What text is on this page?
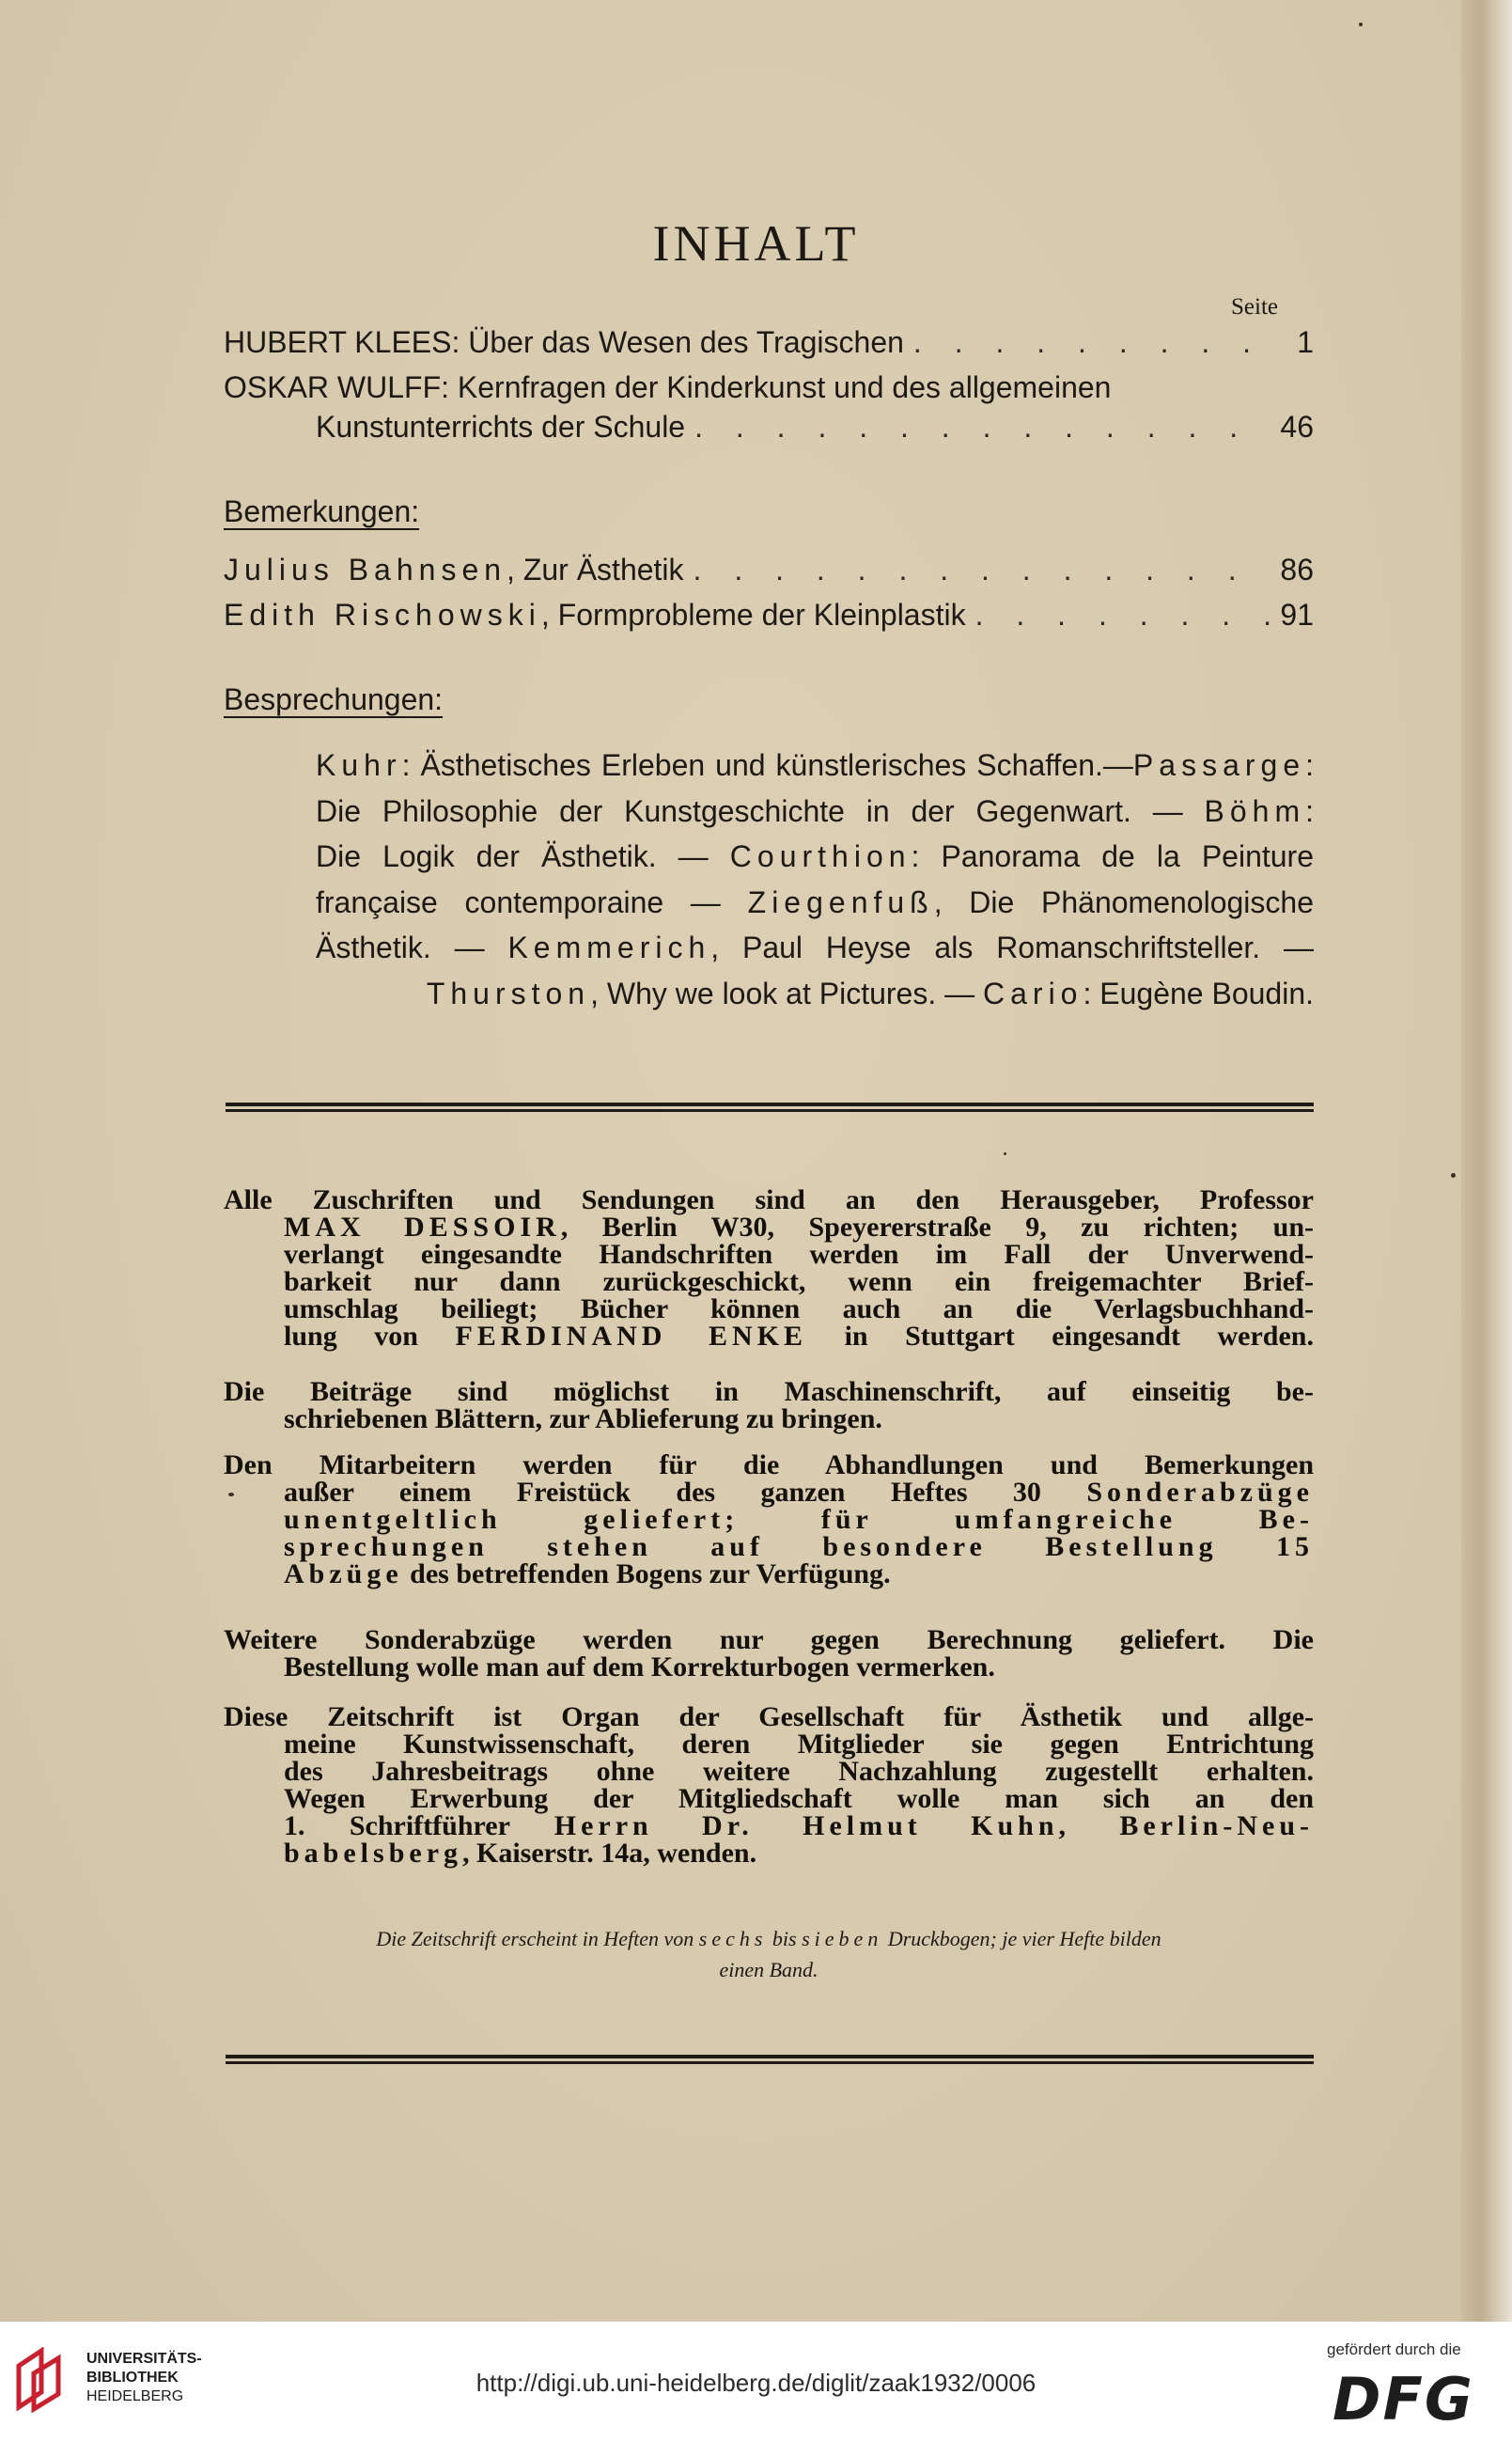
INHALT
Seite
HUBERT KLEES: Über das Wesen des Tragischen . . .	1
OSKAR WULFF: Kernfragen der Kinderkunst und des allgemeinen
Kunstunterrichts der Schule . . .	46
Bemerkungen:
Julius Bahnsen, Zur Ästhetik . . .	86
Edith Rischowski, Formprobleme der Kleinplastik . . .	91
Besprechungen:
Kuhr: Ästhetisches Erleben und künstlerisches Schaffen.—Passarge:
Die Philosophie der Kunstgeschichte in der Gegenwart. — Böhm:
Die Logik der Ästhetik. — Courthion: Panorama de la Peinture
française contemporaine — Ziegenfuß, Die Phänomenologische
Ästhetik. — Kemmerich, Paul Heyse als Romanschriftsteller. —
Thurston, Why we look at Pictures. — Cario: Eugène Boudin.
Alle Zuschriften und Sendungen sind an den Herausgeber, Professor
MAX DESSOIR, Berlin W30, Speyererstraße 9, zu richten; un-
verlangt eingesandte Handschriften werden im Fall der Unverwend-
barkeit nur dann zurückgeschickt, wenn ein freigemachter Brief-
umschlag beiliegt; Bücher können auch an die Verlagsbuchhand-
lung von FERDINAND ENKE in Stuttgart eingesandt werden.
Die Beiträge sind möglichst in Maschinenschrift, auf einseitig be-
schriebenen Blättern, zur Ablieferung zu bringen.
Den Mitarbeitern werden für die Abhandlungen und Bemerkungen
außer einem Freistück des ganzen Heftes 30 Sonderabzüge
unentgeltlich geliefert; für umfangreiche Be-
sprechungen stehen auf besondere Bestellung 15
Abzüge des betreffenden Bogens zur Verfügung.
Weitere Sonderabzüge werden nur gegen Berechnung geliefert. Die
Bestellung wolle man auf dem Korrekturbogen vermerken.
Diese Zeitschrift ist Organ der Gesellschaft für Ästhetik und allge-
meine Kunstwissenschaft, deren Mitglieder sie gegen Entrichtung
des Jahresbeitrags ohne weitere Nachzahlung zugestellt erhalten.
Wegen Erwerbung der Mitgliedschaft wolle man sich an den
1. Schriftführer Herrn Dr. Helmut Kuhn, Berlin-Neu-
babelsberg, Kaiserstr. 14a, wenden.
Die Zeitschrift erscheint in Heften von sechs bis sieben Druckbogen; je vier Hefte bilden
einen Band.
UNIVERSITÄTS-
BIBLIOTHEK
HEIDELBERG	http://digi.ub.uni-heidelberg.de/diglit/zaak1932/0006
gefördert durch die
DFG
